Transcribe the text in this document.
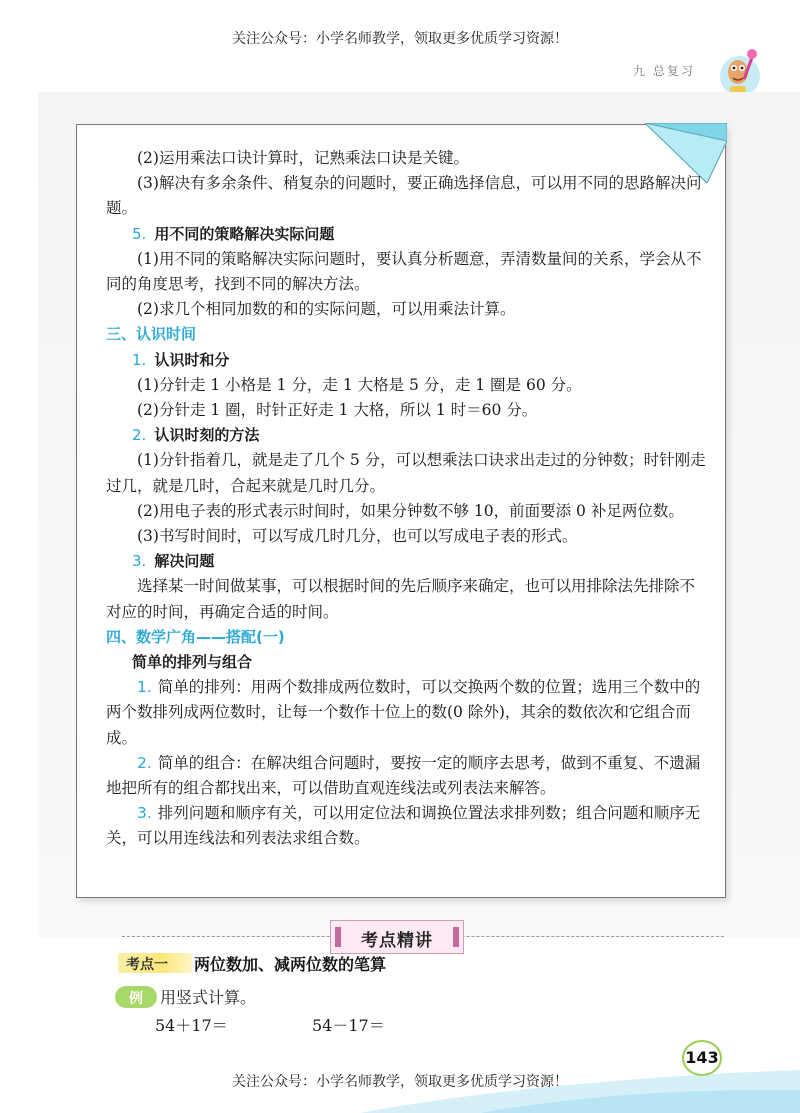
关注公众号：小学名师教学，领取更多优质学习资源！
九 总复习

(2)运用乘法口诀计算时，记熟乘法口诀是关键。

(3)解决有多余条件、稍复杂的问题时，要正确选择信息，可以用不同的思路解决问题。

5. 用不同的策略解决实际问题

(1)用不同的策略解决实际问题时，要认真分析题意，弄清数量间的关系，学会从不同的角度思考，找到不同的解决方法。

(2)求几个相同加数的和的实际问题，可以用乘法计算。

三、认识时间

1. 认识时和分

(1)分针走 1 小格是 1 分，走 1 大格是 5 分，走 1 圈是 60 分。

(2)分针走 1 圈，时针正好走 1 大格，所以 1 时＝60 分。

2. 认识时刻的方法

(1)分针指着几，就是走了几个 5 分，可以想乘法口诀求出走过的分钟数；时针刚走过几，就是几时，合起来就是几时几分。

(2)用电子表的形式表示时间时，如果分钟数不够 10，前面要添 0 补足两位数。

(3)书写时间时，可以写成几时几分，也可以写成电子表的形式。

3. 解决问题

选择某一时间做某事，可以根据时间的先后顺序来确定，也可以用排除法先排除不对应的时间，再确定合适的时间。

四、数学广角——搭配(一)

简单的排列与组合

1. 简单的排列：用两个数排成两位数时，可以交换两个数的位置；选用三个数中的两个数排列成两位数时，让每一个数作十位上的数(0 除外)，其余的数依次和它组合而成。

2. 简单的组合：在解决组合问题时，要按一定的顺序去思考，做到不重复、不遗漏地把所有的组合都找出来，可以借助直观连线法或列表法来解答。

3. 排列问题和顺序有关，可以用定位法和调换位置法求排列数；组合问题和顺序无关，可以用连线法和列表法求组合数。

考点精讲
考点一 两位数加、减两位数的笔算
例 用竖式计算。
54＋17＝	54－17＝
143
关注公众号：小学名师教学，领取更多优质学习资源！
